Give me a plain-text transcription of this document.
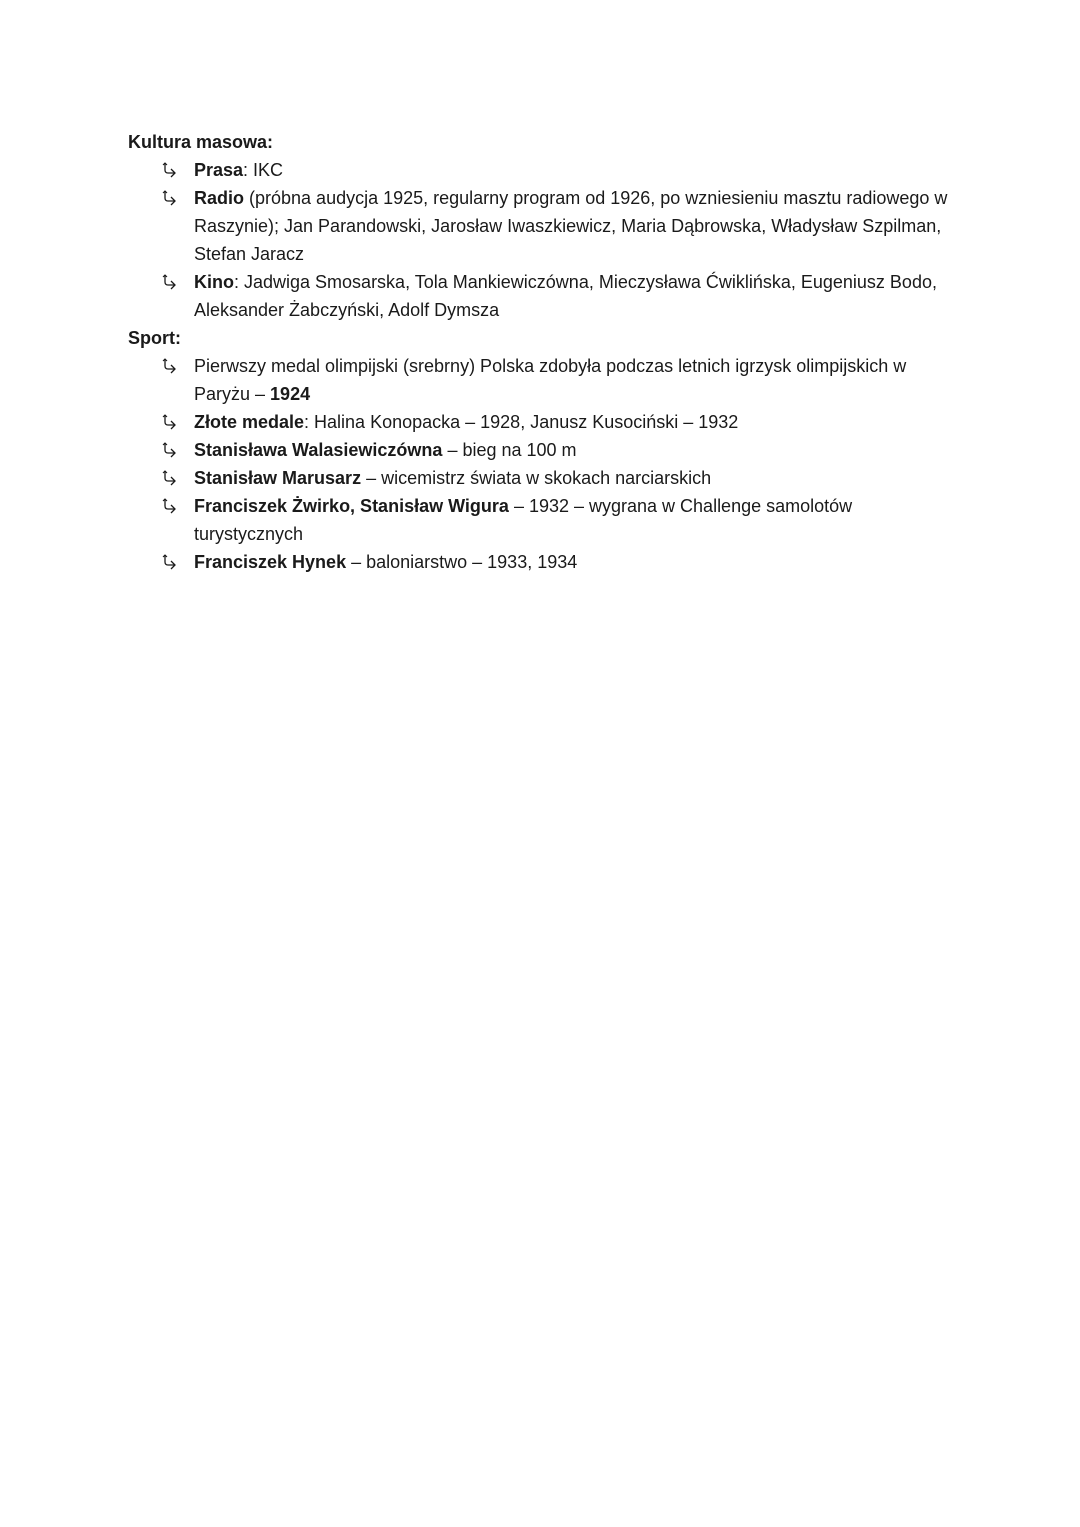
Kultura masowa:

Prasa: IKC
Radio (próbna audycja 1925, regularny program od 1926, po wzniesieniu masztu radiowego w Raszynie); Jan Parandowski, Jarosław Iwaszkiewicz, Maria Dąbrowska, Władysław Szpilman, Stefan Jaracz
Kino: Jadwiga Smosarska, Tola Mankiewiczówna, Mieczysława Ćwiklińska, Eugeniusz Bodo, Aleksander Żabczyński, Adolf Dymsza

Sport:

Pierwszy medal olimpijski (srebrny) Polska zdobyła podczas letnich igrzysk olimpijskich w Paryżu – 1924
Złote medale: Halina Konopacka – 1928, Janusz Kusociński – 1932
Stanisława Walasiewiczówna – bieg na 100 m
Stanisław Marusarz – wicemistrz świata w skokach narciarskich
Franciszek Żwirko, Stanisław Wigura – 1932 – wygrana w Challenge samolotów turystycznych
Franciszek Hynek – baloniarstwo – 1933, 1934
